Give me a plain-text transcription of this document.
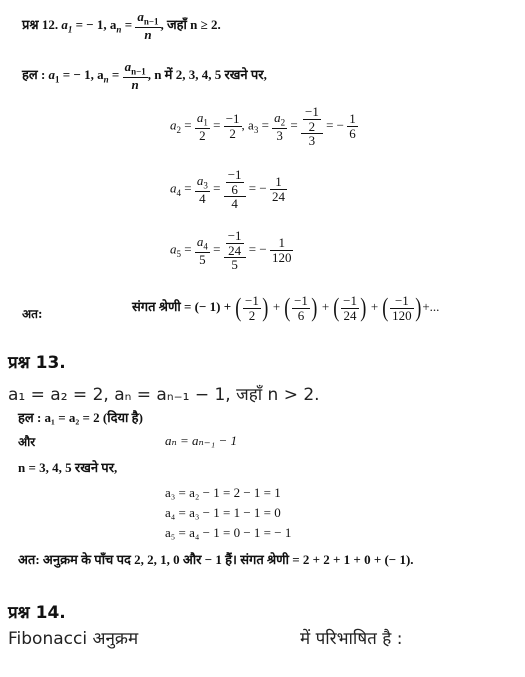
प्रश्न 12. $a_1$ = − 1, $a_n = \frac{a_{n-1}}{n}$ , जहाँ n ≥ 2.
हल : $a_1$ = − 1, $a_n = \frac{a_{n-1}}{n}$ , n में 2, 3, 4, 5 रखने पर,
$a_2 = \frac{a_1}{2} = \frac{-1}{2}$ , $a_3 = \frac{a_2}{3} = \frac{\frac{-1}{2}}{3}$ = − $\frac{1}{6}$
$a_4 = \frac{a_3}{4} = \frac{\frac{-1}{6}}{4}$ = − $\frac{1}{24}$
$a_5 = \frac{a_4}{5} = \frac{\frac{-1}{24}}{5}$ = − $\frac{1}{120}$
अत:	संगत श्रेणी = (− 1) + ( $\frac{-1}{2}$ ) + ( $\frac{-1}{6}$ ) + ( $\frac{-1}{24}$ ) + ( $\frac{-1}{120}$ )+...
प्रश्न 13.
a₁ = a₂ = 2, aₙ = aₙ₋₁ − 1, जहाँ n > 2.
हल : a₁ = a₂ = 2 (दिया है)
और	aₙ = aₙ₋₁ − 1
n = 3, 4, 5 रखने पर,
a₃ = a₂ − 1 = 2 − 1 = 1
a₄ = a₃ − 1 = 1 − 1 = 0
a₅ = a₄ − 1 = 0 − 1 = − 1
अत: अनुक्रम के पाँच पद 2, 2, 1, 0 और − 1 हैं। संगत श्रेणी = 2 + 2 + 1 + 0 + (− 1).
प्रश्न 14.
Fibonacci अनुक्रम	में परिभाषित है :
